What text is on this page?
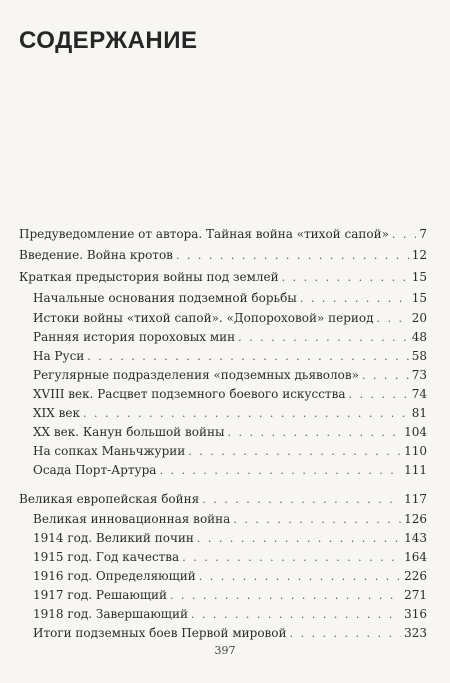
СОДЕРЖАНИЕ
Предуведомление от автора. Тайная война «тихой сапой» . . .	7
Введение. Война кротов . . .	12
Краткая предыстория войны под землей . . .	15
Начальные основания подземной борьбы . . .	15
Истоки войны «тихой сапой». «Допороховой» период . . .	20
Ранняя история пороховых мин . . .	48
На Руси . . .	58
Регулярные подразделения «подземных дьяволов» . . .	73
XVIII век. Расцвет подземного боевого искусства . . .	74
XIX век . . .	81
XX век. Канун большой войны . . .	104
На сопках Маньчжурии . . .	110
Осада Порт-Артура . . .	111
Великая европейская бойня . . .	117
Великая инновационная война . . .	126
1914 год. Великий почин . . .	143
1915 год. Год качества . . .	164
1916 год. Определяющий . . .	226
1917 год. Решающий . . .	271
1918 год. Завершающий . . .	316
Итоги подземных боев Первой мировой . . .	323
397
